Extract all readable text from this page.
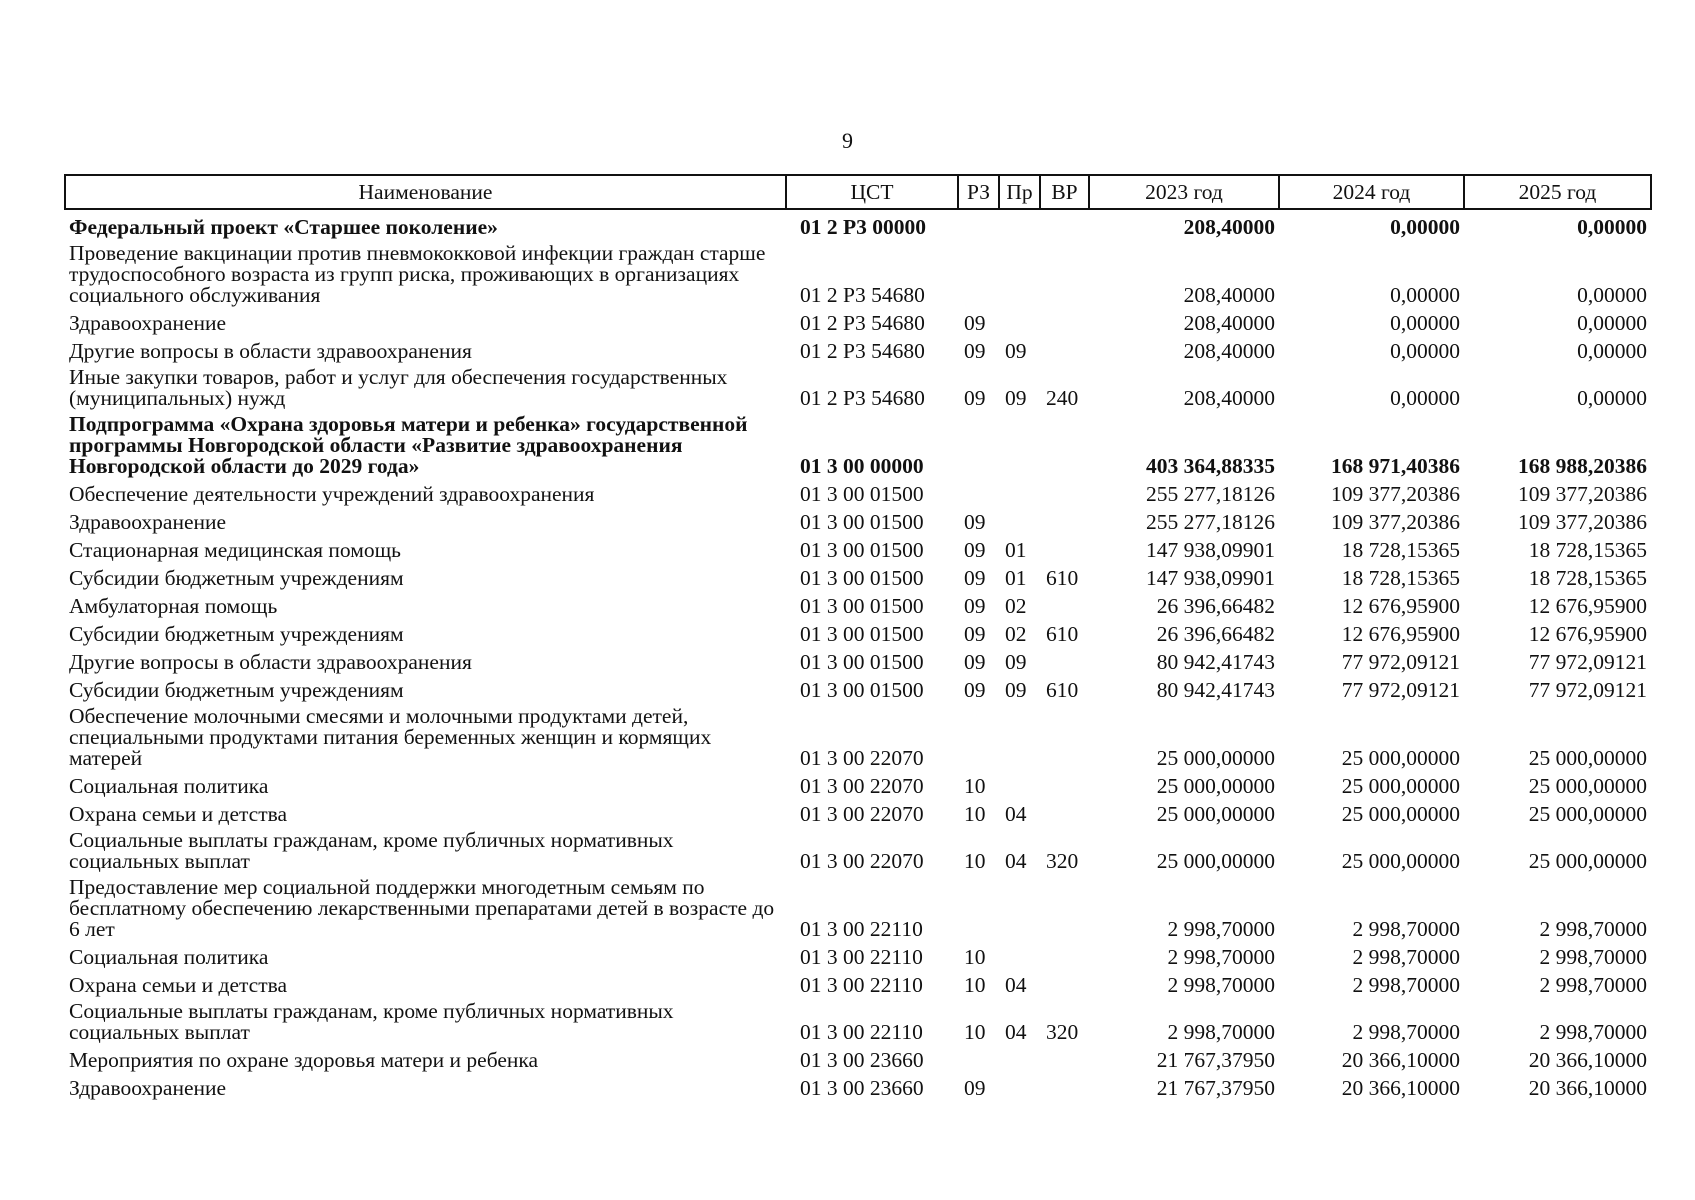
9
Наименование	ЦСТ	РЗ	Пр	ВР	2023 год	2024 год	2025 год
Федеральный проект «Старшее поколение»	01 2 Р3 00000				208,40000	0,00000	0,00000
Проведение вакцинации против пневмококковой инфекции граждан старше трудоспособного возраста из групп риска, проживающих в организациях социального обслуживания	01 2 Р3 54680				208,40000	0,00000	0,00000
Здравоохранение	01 2 Р3 54680	09			208,40000	0,00000	0,00000
Другие вопросы в области здравоохранения	01 2 Р3 54680	09	09		208,40000	0,00000	0,00000
Иные закупки товаров, работ и услуг для обеспечения государственных (муниципальных) нужд	01 2 Р3 54680	09	09	240	208,40000	0,00000	0,00000
Подпрограмма «Охрана здоровья матери и ребенка» государственной программы Новгородской области «Развитие здравоохранения Новгородской области до 2029 года»	01 3 00 00000				403 364,88335	168 971,40386	168 988,20386
Обеспечение деятельности учреждений здравоохранения	01 3 00 01500				255 277,18126	109 377,20386	109 377,20386
Здравоохранение	01 3 00 01500	09			255 277,18126	109 377,20386	109 377,20386
Стационарная медицинская помощь	01 3 00 01500	09	01		147 938,09901	18 728,15365	18 728,15365
Субсидии бюджетным учреждениям	01 3 00 01500	09	01	610	147 938,09901	18 728,15365	18 728,15365
Амбулаторная помощь	01 3 00 01500	09	02		26 396,66482	12 676,95900	12 676,95900
Субсидии бюджетным учреждениям	01 3 00 01500	09	02	610	26 396,66482	12 676,95900	12 676,95900
Другие вопросы в области здравоохранения	01 3 00 01500	09	09		80 942,41743	77 972,09121	77 972,09121
Субсидии бюджетным учреждениям	01 3 00 01500	09	09	610	80 942,41743	77 972,09121	77 972,09121
Обеспечение молочными смесями и молочными продуктами детей, специальными продуктами питания беременных женщин и кормящих матерей	01 3 00 22070				25 000,00000	25 000,00000	25 000,00000
Социальная политика	01 3 00 22070	10			25 000,00000	25 000,00000	25 000,00000
Охрана семьи и детства	01 3 00 22070	10	04		25 000,00000	25 000,00000	25 000,00000
Социальные выплаты гражданам, кроме публичных нормативных социальных выплат	01 3 00 22070	10	04	320	25 000,00000	25 000,00000	25 000,00000
Предоставление мер социальной поддержки многодетным семьям по бесплатному обеспечению лекарственными препаратами детей в возрасте до 6 лет	01 3 00 22110				2 998,70000	2 998,70000	2 998,70000
Социальная политика	01 3 00 22110	10			2 998,70000	2 998,70000	2 998,70000
Охрана семьи и детства	01 3 00 22110	10	04		2 998,70000	2 998,70000	2 998,70000
Социальные выплаты гражданам, кроме публичных нормативных социальных выплат	01 3 00 22110	10	04	320	2 998,70000	2 998,70000	2 998,70000
Мероприятия по охране здоровья матери и ребенка	01 3 00 23660				21 767,37950	20 366,10000	20 366,10000
Здравоохранение	01 3 00 23660	09			21 767,37950	20 366,10000	20 366,10000
